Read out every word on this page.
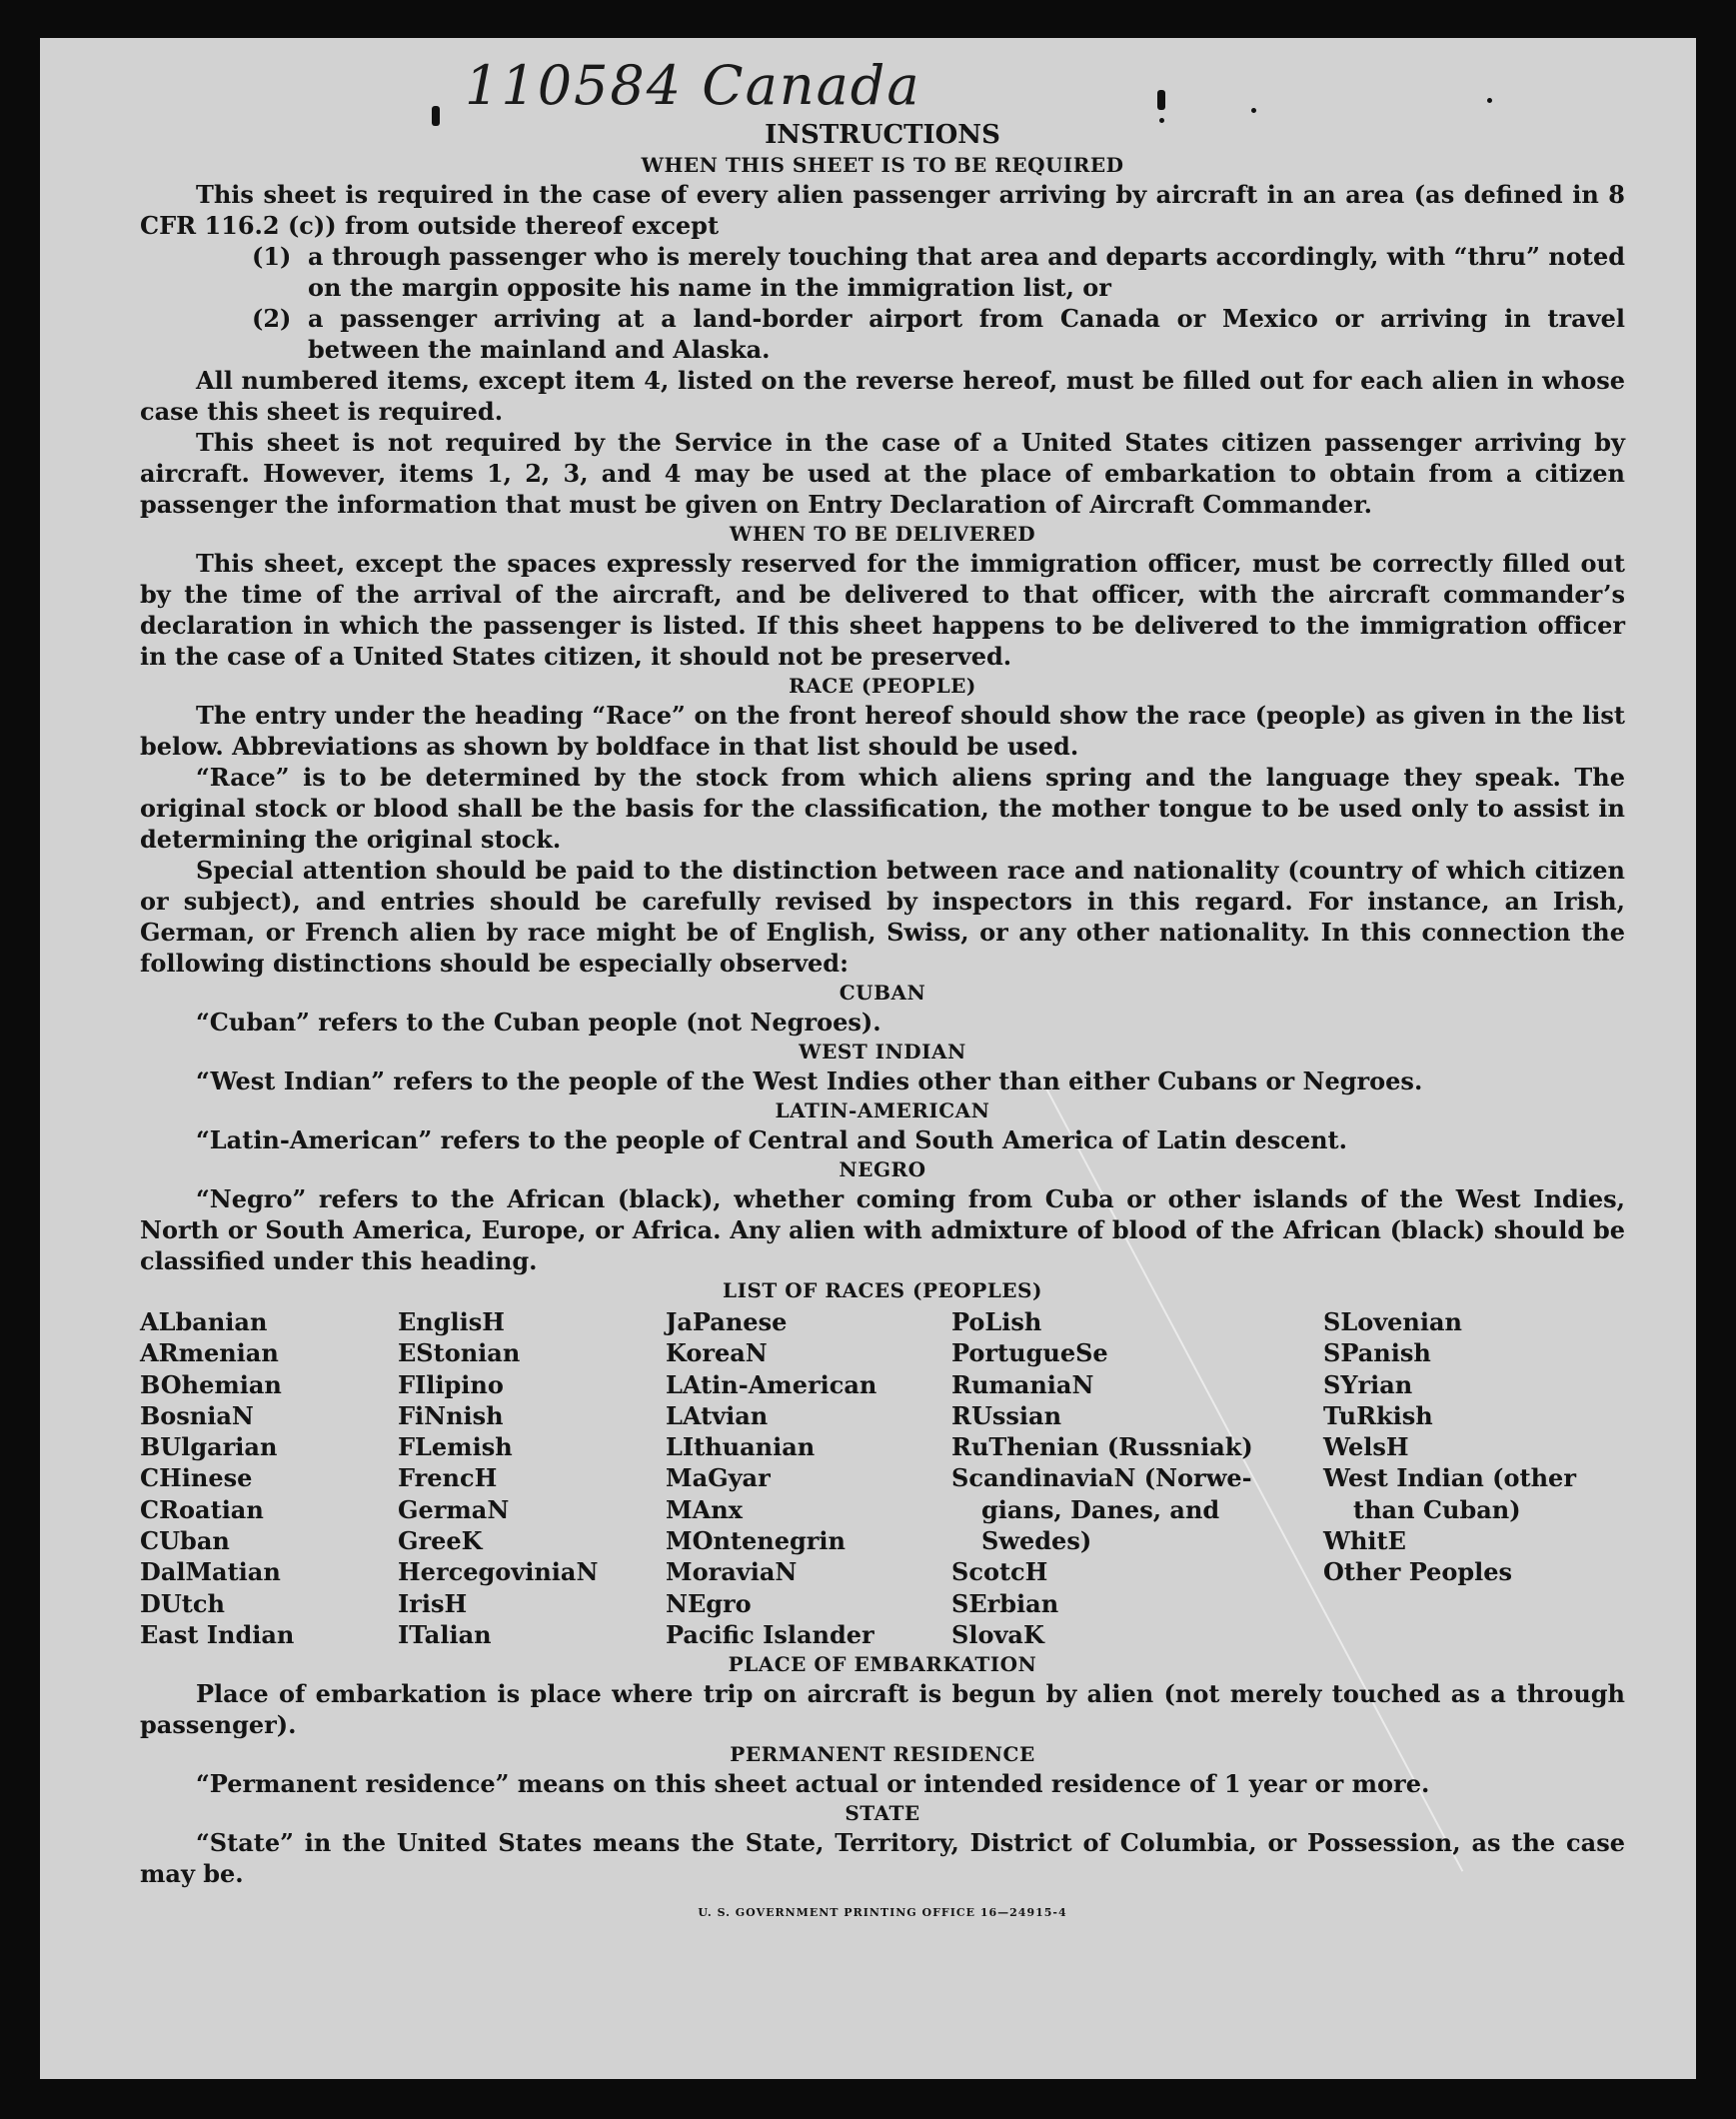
110584 Canada
INSTRUCTIONS
WHEN THIS SHEET IS TO BE REQUIRED

This sheet is required in the case of every alien passenger arriving by aircraft in an area (as defined in 8 CFR 116.2 (c)) from outside thereof except

(1) a through passenger who is merely touching that area and departs accordingly, with “thru” noted on the margin opposite his name in the immigration list, or
(2) a passenger arriving at a land-border airport from Canada or Mexico or arriving in travel between the mainland and Alaska.

All numbered items, except item 4, listed on the reverse hereof, must be filled out for each alien in whose case this sheet is required.

This sheet is not required by the Service in the case of a United States citizen passenger arriving by aircraft. However, items 1, 2, 3, and 4 may be used at the place of embarkation to obtain from a citizen passenger the information that must be given on Entry Declaration of Aircraft Commander.

WHEN TO BE DELIVERED

This sheet, except the spaces expressly reserved for the immigration officer, must be correctly filled out by the time of the arrival of the aircraft, and be delivered to that officer, with the aircraft commander’s declaration in which the passenger is listed. If this sheet happens to be delivered to the immigration officer in the case of a United States citizen, it should not be preserved.

RACE (PEOPLE)

The entry under the heading “Race” on the front hereof should show the race (people) as given in the list below. Abbreviations as shown by boldface in that list should be used.

“Race” is to be determined by the stock from which aliens spring and the language they speak. The original stock or blood shall be the basis for the classification, the mother tongue to be used only to assist in determining the original stock.

Special attention should be paid to the distinction between race and nationality (country of which citizen or subject), and entries should be carefully revised by inspectors in this regard. For instance, an Irish, German, or French alien by race might be of English, Swiss, or any other nationality. In this connection the following distinctions should be especially observed:

CUBAN

“Cuban” refers to the Cuban people (not Negroes).

WEST INDIAN

“West Indian” refers to the people of the West Indies other than either Cubans or Negroes.

LATIN-AMERICAN

“Latin-American” refers to the people of Central and South America of Latin descent.

NEGRO

“Negro” refers to the African (black), whether coming from Cuba or other islands of the West Indies, North or South America, Europe, or Africa. Any alien with admixture of blood of the African (black) should be classified under this heading.

LIST OF RACES (PEOPLES)
ALbanian
ARmenian
BOhemian
BosniaN
BUlgarian
CHinese
CRoatian
CUban
DalMatian
DUtch
East Indian
EnglisH
EStonian
FIlipino
FiNnish
FLemish
FrencH
GermaN
GreeK
HercegoviniaN
IrisH
ITalian
JaPanese
KoreaN
LAtin-American
LAtvian
LIthuanian
MaGyar
MAnx
MOntenegrin
MoraviaN
NEgro
Pacific Islander
PoLish
PortugueSe
RumaniaN
RUssian
RuThenian (Russniak)
ScandinaviaN (Norwe-
gians, Danes, and
Swedes)
ScotcH
SErbian
SlovaK
SLovenian
SPanish
SYrian
TuRkish
WelsH
West Indian (other
than Cuban)
WhitE
Other Peoples
PLACE OF EMBARKATION

Place of embarkation is place where trip on aircraft is begun by alien (not merely touched as a through passenger).

PERMANENT RESIDENCE

“Permanent residence” means on this sheet actual or intended residence of 1 year or more.

STATE

“State” in the United States means the State, Territory, District of Columbia, or Possession, as the case may be.

U. S. GOVERNMENT PRINTING OFFICE 16—24915-4
